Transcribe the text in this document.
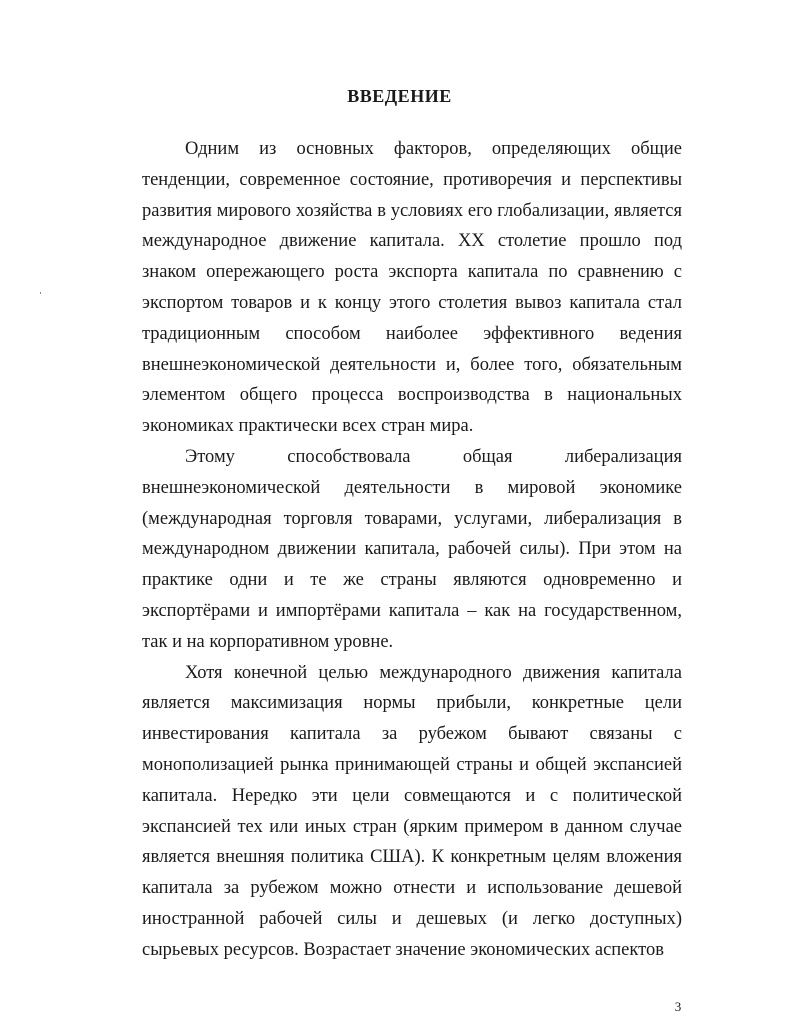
ВВЕДЕНИЕ

Одним из основных факторов, определяющих общие тенденции, современное состояние, противоречия и перспективы развития мирового хозяйства в условиях его глобализации, является международное движение капитала. XX столетие прошло под знаком опережающего роста экспорта капитала по сравнению с экспортом товаров и к концу этого столетия вывоз капитала стал традиционным способом наиболее эффективного ведения внешнеэкономической деятельности и, более того, обязательным элементом общего процесса воспроизводства в национальных экономиках практически всех стран мира.

Этому способствовала общая либерализация внешнеэкономической деятельности в мировой экономике (международная торговля товарами, услугами, либерализация в международном движении капитала, рабочей силы). При этом на практике одни и те же страны являются одновременно и экспортёрами и импортёрами капитала – как на государственном, так и на корпоративном уровне.

Хотя конечной целью международного движения капитала является максимизация нормы прибыли, конкретные цели инвестирования капитала за рубежом бывают связаны с монополизацией рынка принимающей страны и общей экспансией капитала. Нередко эти цели совмещаются и с политической экспансией тех или иных стран (ярким примером в данном случае является внешняя политика США). К конкретным целям вложения капитала за рубежом можно отнести и использование дешевой иностранной рабочей силы и дешевых (и легко доступных) сырьевых ресурсов. Возрастает значение экономических аспектов

3
